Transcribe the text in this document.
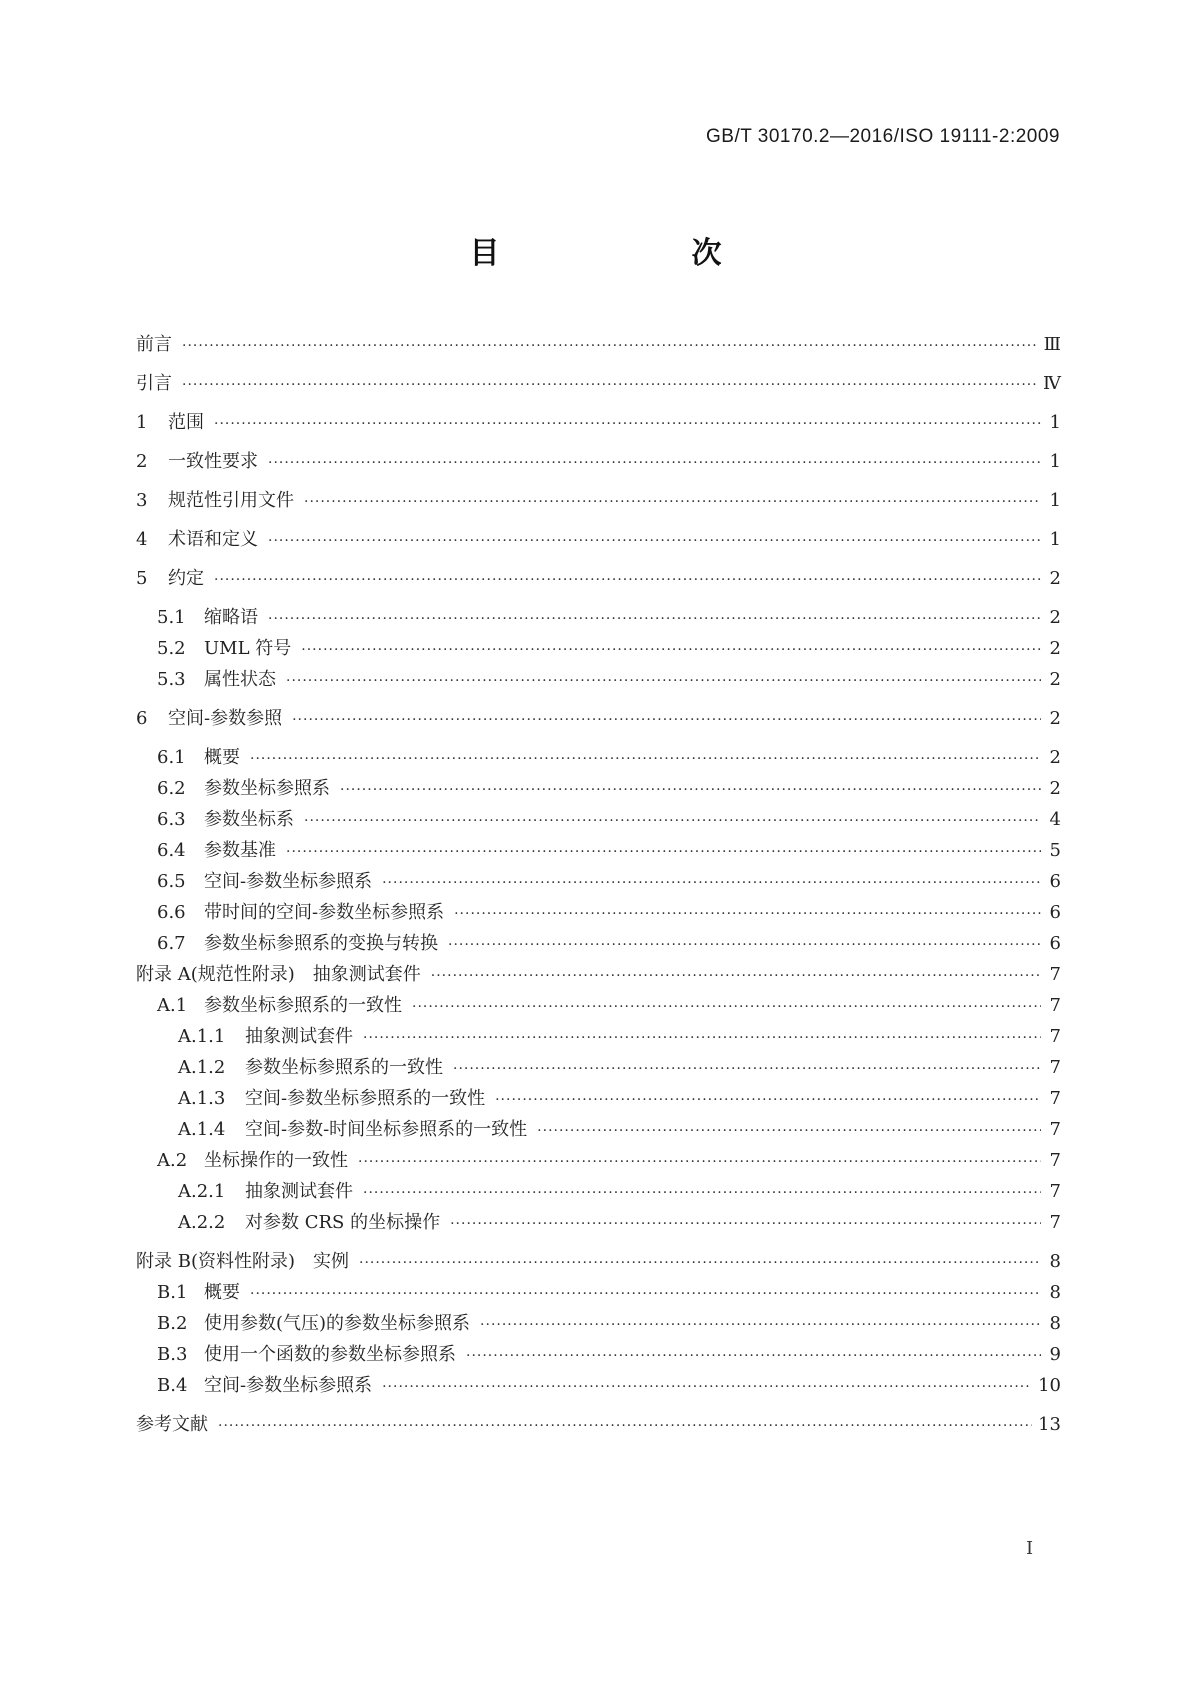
GB/T 30170.2—2016/ISO 19111-2:2009
目　　次
前言 ·····	Ⅲ
引言 ·····	Ⅳ
1	范围 ·····	1
2	一致性要求 ·····	1
3	规范性引用文件 ·····	1
4	术语和定义 ·····	1
5	约定 ·····	2
5.1	缩略语 ·····	2
5.2	UML 符号 ·····	2
5.3	属性状态 ·····	2
6	空间-参数参照 ·····	2
6.1	概要 ·····	2
6.2	参数坐标参照系 ·····	2
6.3	参数坐标系 ·····	4
6.4	参数基准 ·····	5
6.5	空间-参数坐标参照系 ·····	6
6.6	带时间的空间-参数坐标参照系 ·····	6
6.7	参数坐标参照系的变换与转换 ·····	6
附录 A (规范性附录)　抽象测试套件 ·····	7
A.1 参数坐标参照系的一致性 ·····	7
A.1.1	抽象测试套件 ·····	7
A.1.2	参数坐标参照系的一致性 ·····	7
A.1.3	空间-参数坐标参照系的一致性 ·····	7
A.1.4	空间-参数-时间坐标参照系的一致性 ·····	7
A.2 坐标操作的一致性 ·····	7
A.2.1	抽象测试套件 ·····	7
A.2.2	对参数 CRS 的坐标操作 ·····	7
附录 B (资料性附录)　实例 ·····	8
B.1 概要 ·····	8
B.2 使用参数(气压)的参数坐标参照系 ·····	8
B.3 使用一个函数的参数坐标参照系 ·····	9
B.4 空间-参数坐标参照系 ·····	10
参考文献 ·····	13
I
